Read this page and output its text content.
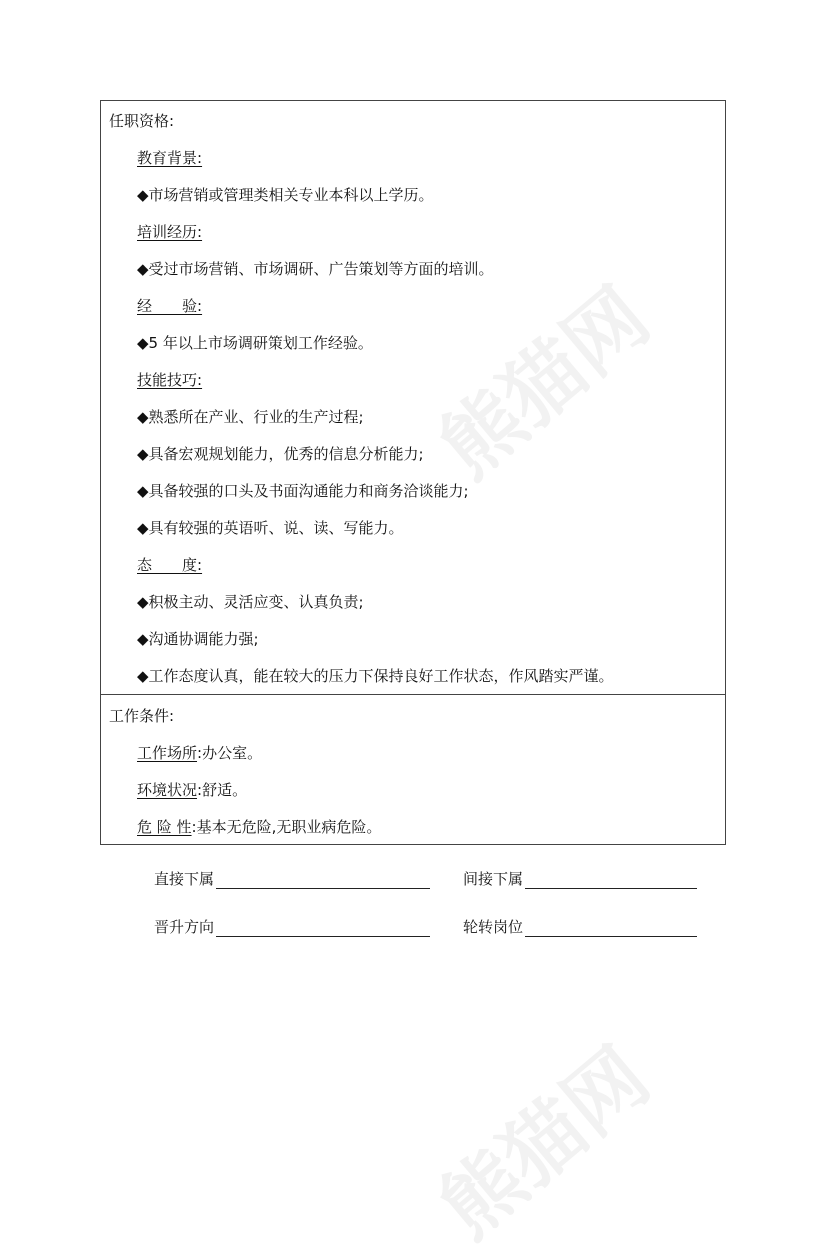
熊猫网
熊猫网
任职资格:
教育背景:
◆市场营销或管理类相关专业本科以上学历。
培训经历:
◆受过市场营销、市场调研、广告策划等方面的培训。
经　　验:
◆5 年以上市场调研策划工作经验。
技能技巧:
◆熟悉所在产业、行业的生产过程;
◆具备宏观规划能力，优秀的信息分析能力;
◆具备较强的口头及书面沟通能力和商务洽谈能力;
◆具有较强的英语听、说、读、写能力。
态　　度:
◆积极主动、灵活应变、认真负责;
◆沟通协调能力强;
◆工作态度认真，能在较大的压力下保持良好工作状态，作风踏实严谨。
工作条件:
工作场所:办公室。
环境状况:舒适。
危 险 性:基本无危险,无职业病危险。
直接下属	间接下属
晋升方向	轮转岗位
